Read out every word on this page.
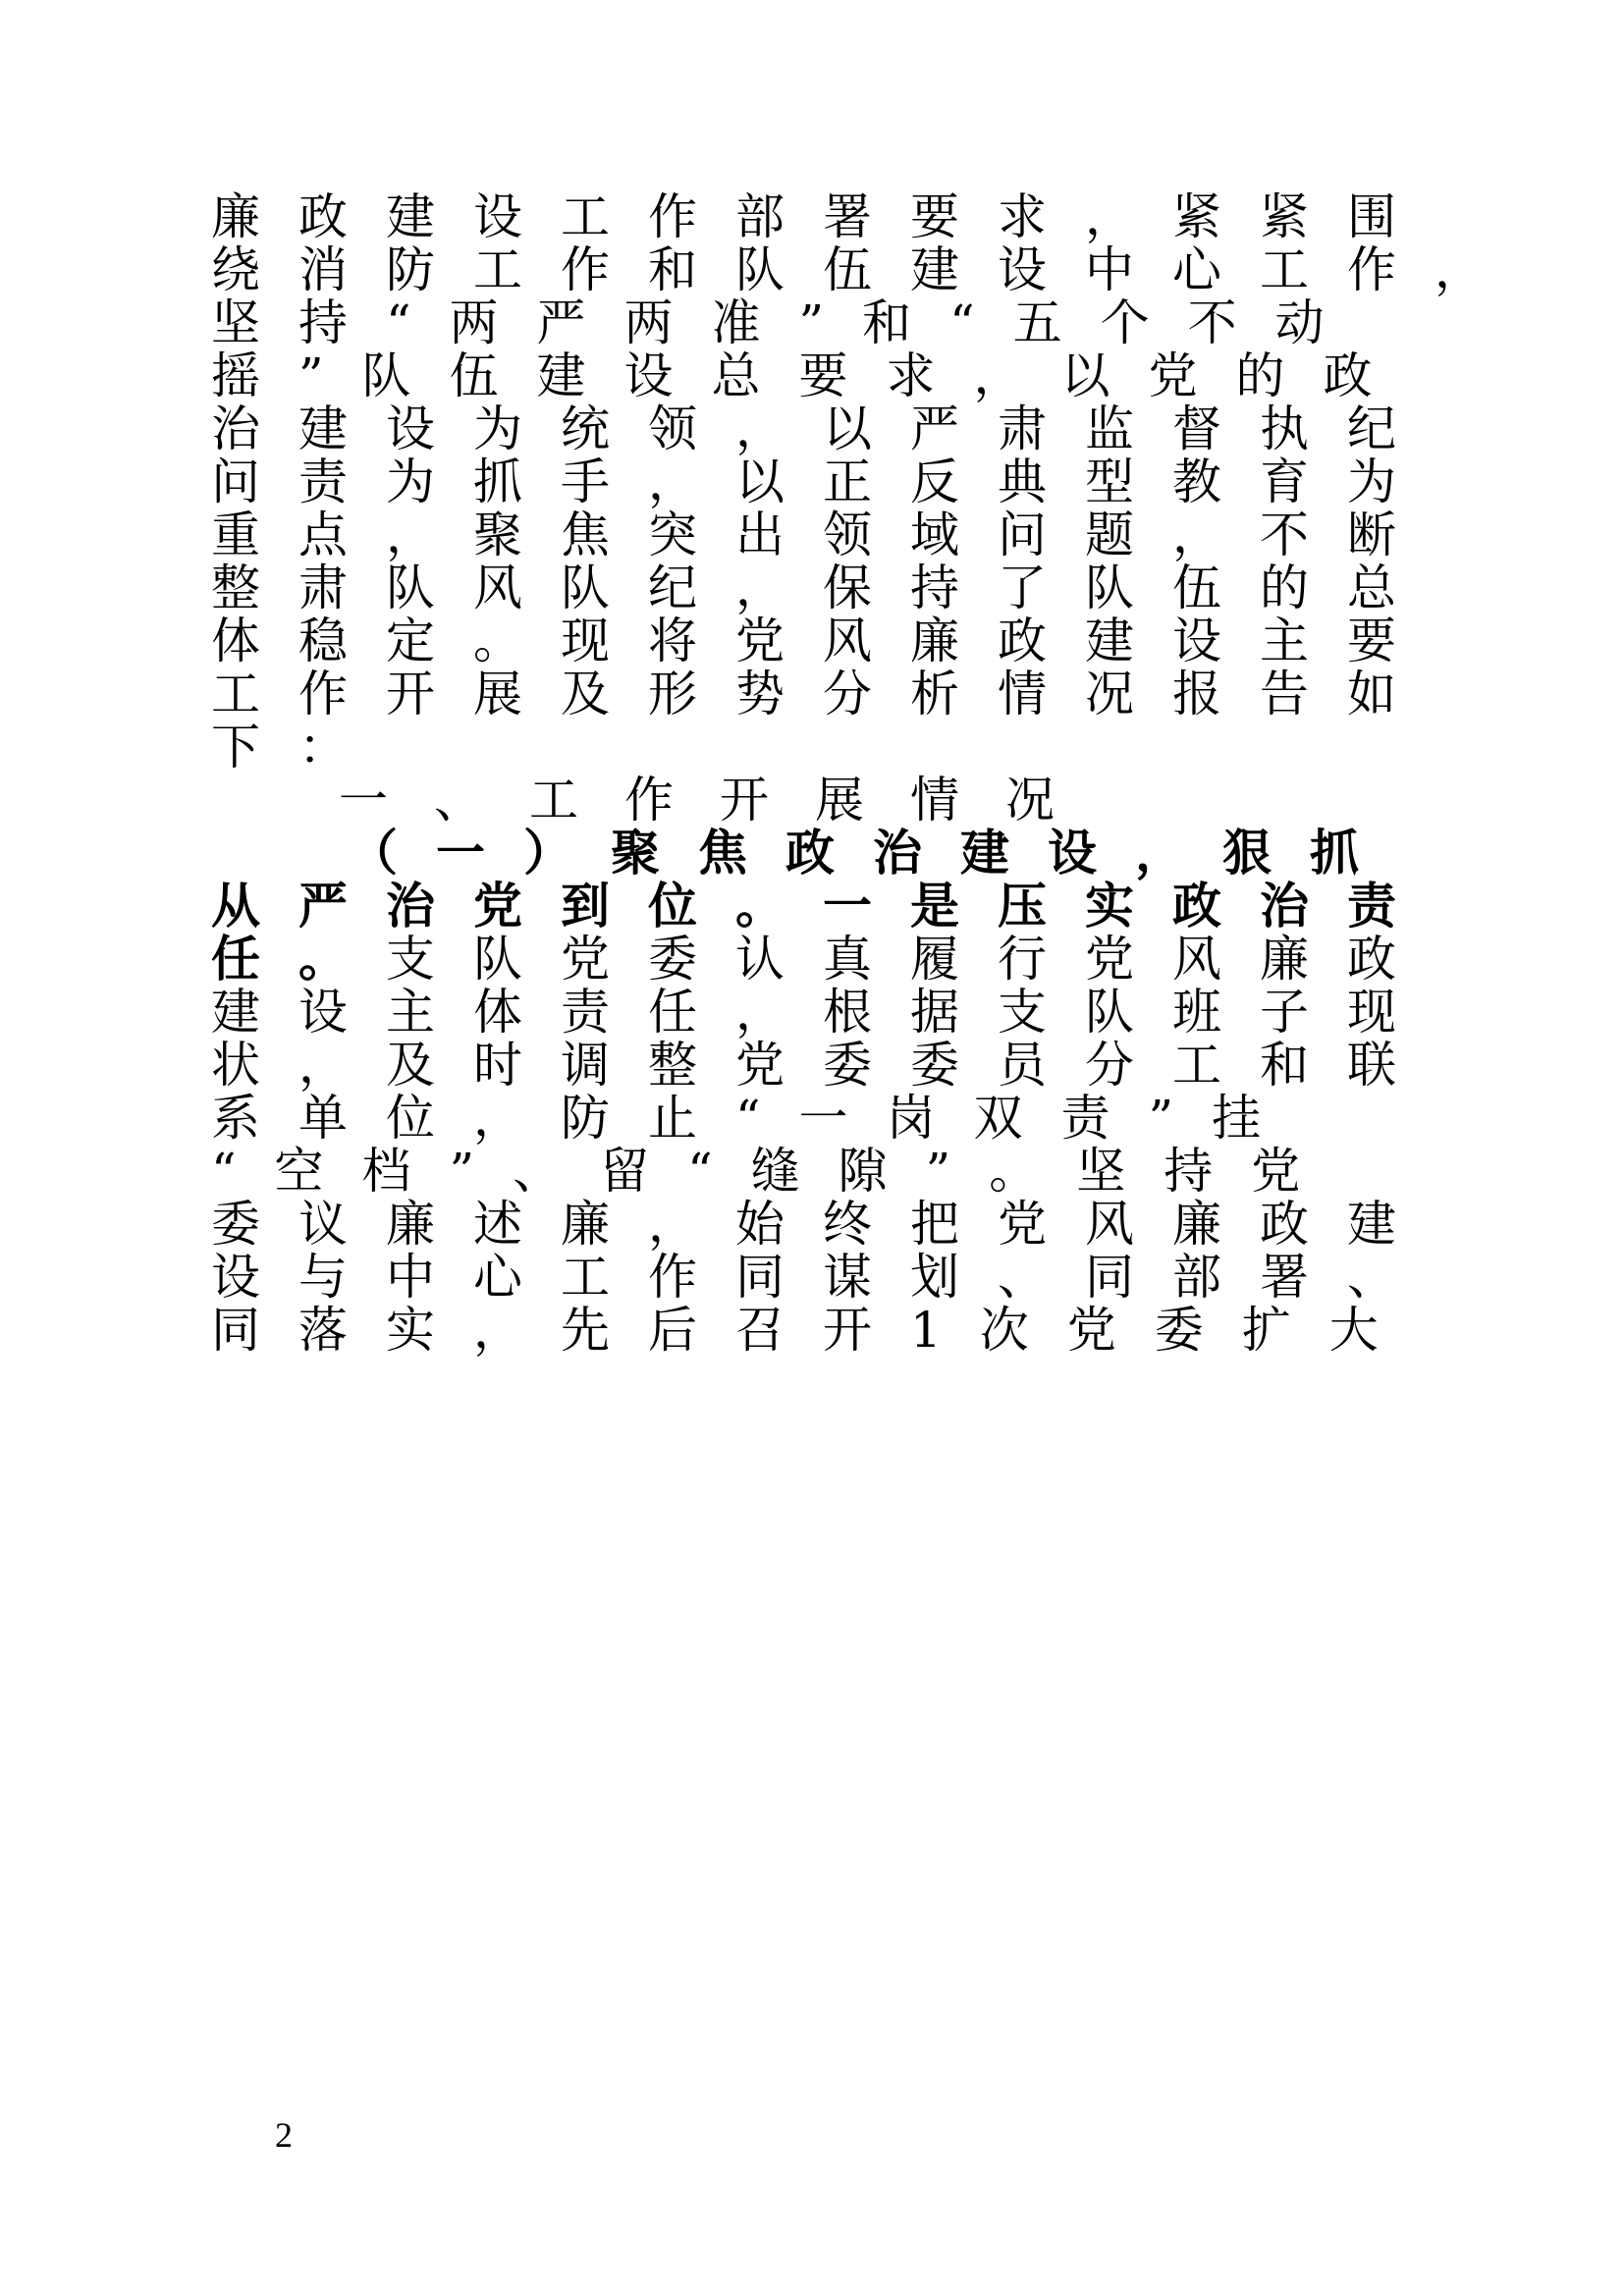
廉政建设工作部署要求，紧紧围
绕消防工作和队伍建设中心工作，
坚持“两严两准”和“五个不动
摇”队伍建设总要求，以党的政
治建设为统领，以严肃监督执纪
问责为抓手，以正反典型教育为
重点，聚焦突出领域问题，不断
整肃队风队纪，保持了队伍的总
体稳定。现将党风廉政建设主要
工作开展及形势分析情况报告如
下：
一、工作开展情况
（一）聚焦政治建设，狠抓
从严治党到位。一是压实政治责
任。支队党委认真履行党风廉政
建设主体责任，根据支队班子现
状，及时调整党委委员分工和联
系单位，防止“一岗双责”挂
“空档”、留“缝隙”。坚持党
委议廉述廉，始终把党风廉政建
设与中心工作同谋划、同部署、
同落实，先后召开1次党委扩大
2
